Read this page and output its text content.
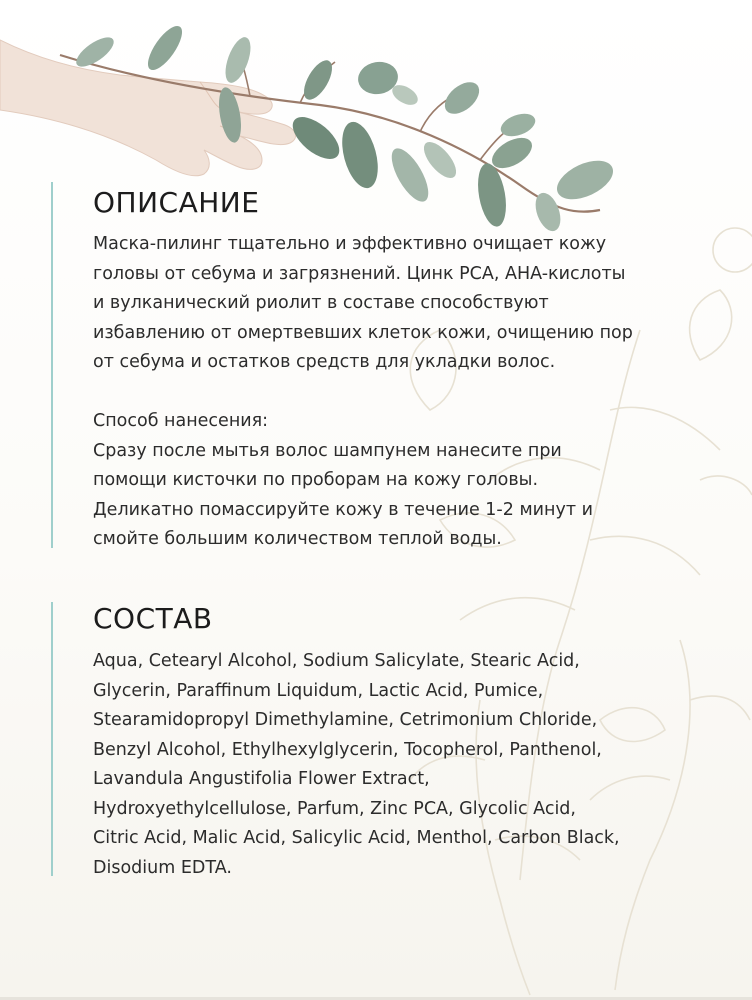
ОПИСАНИЕ
Маска-пилинг тщательно и эффективно очищает кожу
головы от себума и загрязнений. Цинк PCA, AHA-кислоты
и вулканический риолит в составе способствуют
избавлению от омертвевших клеток кожи, очищению пор
от себума и остатков средств для укладки волос.
Способ нанесения:
Сразу после мытья волос шампунем нанесите при
помощи кисточки по проборам на кожу головы.
Деликатно помассируйте кожу в течение 1-2 минут и
смойте большим количеством теплой воды.
СОСТАВ
Aqua, Cetearyl Alcohol, Sodium Salicylate, Stearic Acid,
Glycerin, Paraffinum Liquidum, Lactic Acid, Pumice,
Stearamidopropyl Dimethylamine, Cetrimonium Chloride,
Benzyl Alcohol, Ethylhexylglycerin, Tocopherol, Panthenol,
Lavandula Angustifolia Flower Extract,
Hydroxyethylcellulose, Parfum, Zinc PCA, Glycolic Acid,
Citric Acid, Malic Acid, Salicylic Acid, Menthol, Carbon Black,
Disodium EDTA.
